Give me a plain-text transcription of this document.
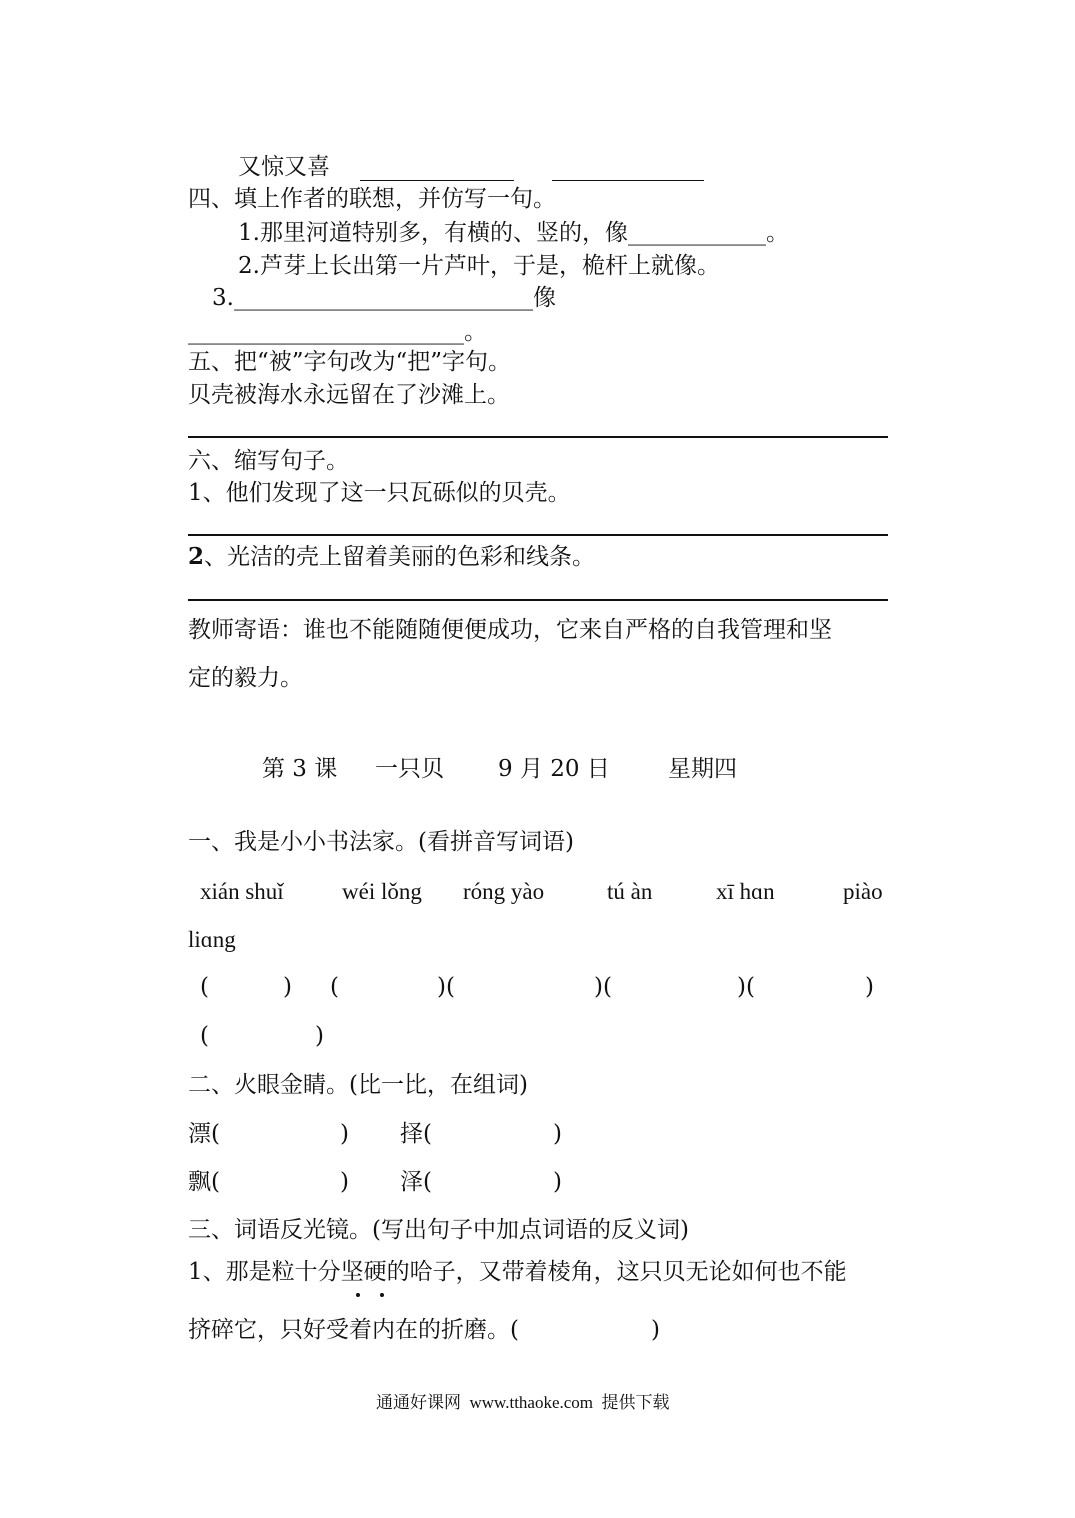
又惊又喜
四、填上作者的联想，并仿写一句。
1.那里河道特别多，有横的、竖的，像____________。
2.芦芽上长出第一片芦叶，于是，桅杆上就像。
3.__________________________像
________________________。
五、把“被”字句改为“把”字句。
贝壳被海水永远留在了沙滩上。
六、缩写句子。
1、他们发现了这一只瓦砾似的贝壳。
2、光洁的壳上留着美丽的色彩和线条。
教师寄语：谁也不能随随便便成功，它来自严格的自我管理和坚
定的毅力。
第 3 课 一只贝 9 月 20 日	星期四
一、我是小小书法家。(看拼音写词语)
xián shuǐ	wéi lǒng róng yào	tú àn	xī hɑn	piào
liɑng
(	) (	)(	)(	)(	)
(	)
二、火眼金睛。(比一比，在组词)
漂(	) 择(	)
飘(	) 泽(	)
三、词语反光镜。(写出句子中加点词语的反义词)
1、那是粒十分坚硬的哈子，又带着棱角，这只贝无论如何也不能
挤碎它，只好受着内在的折磨。(	)
通通好课网  www.tthaoke.com  提供下载
